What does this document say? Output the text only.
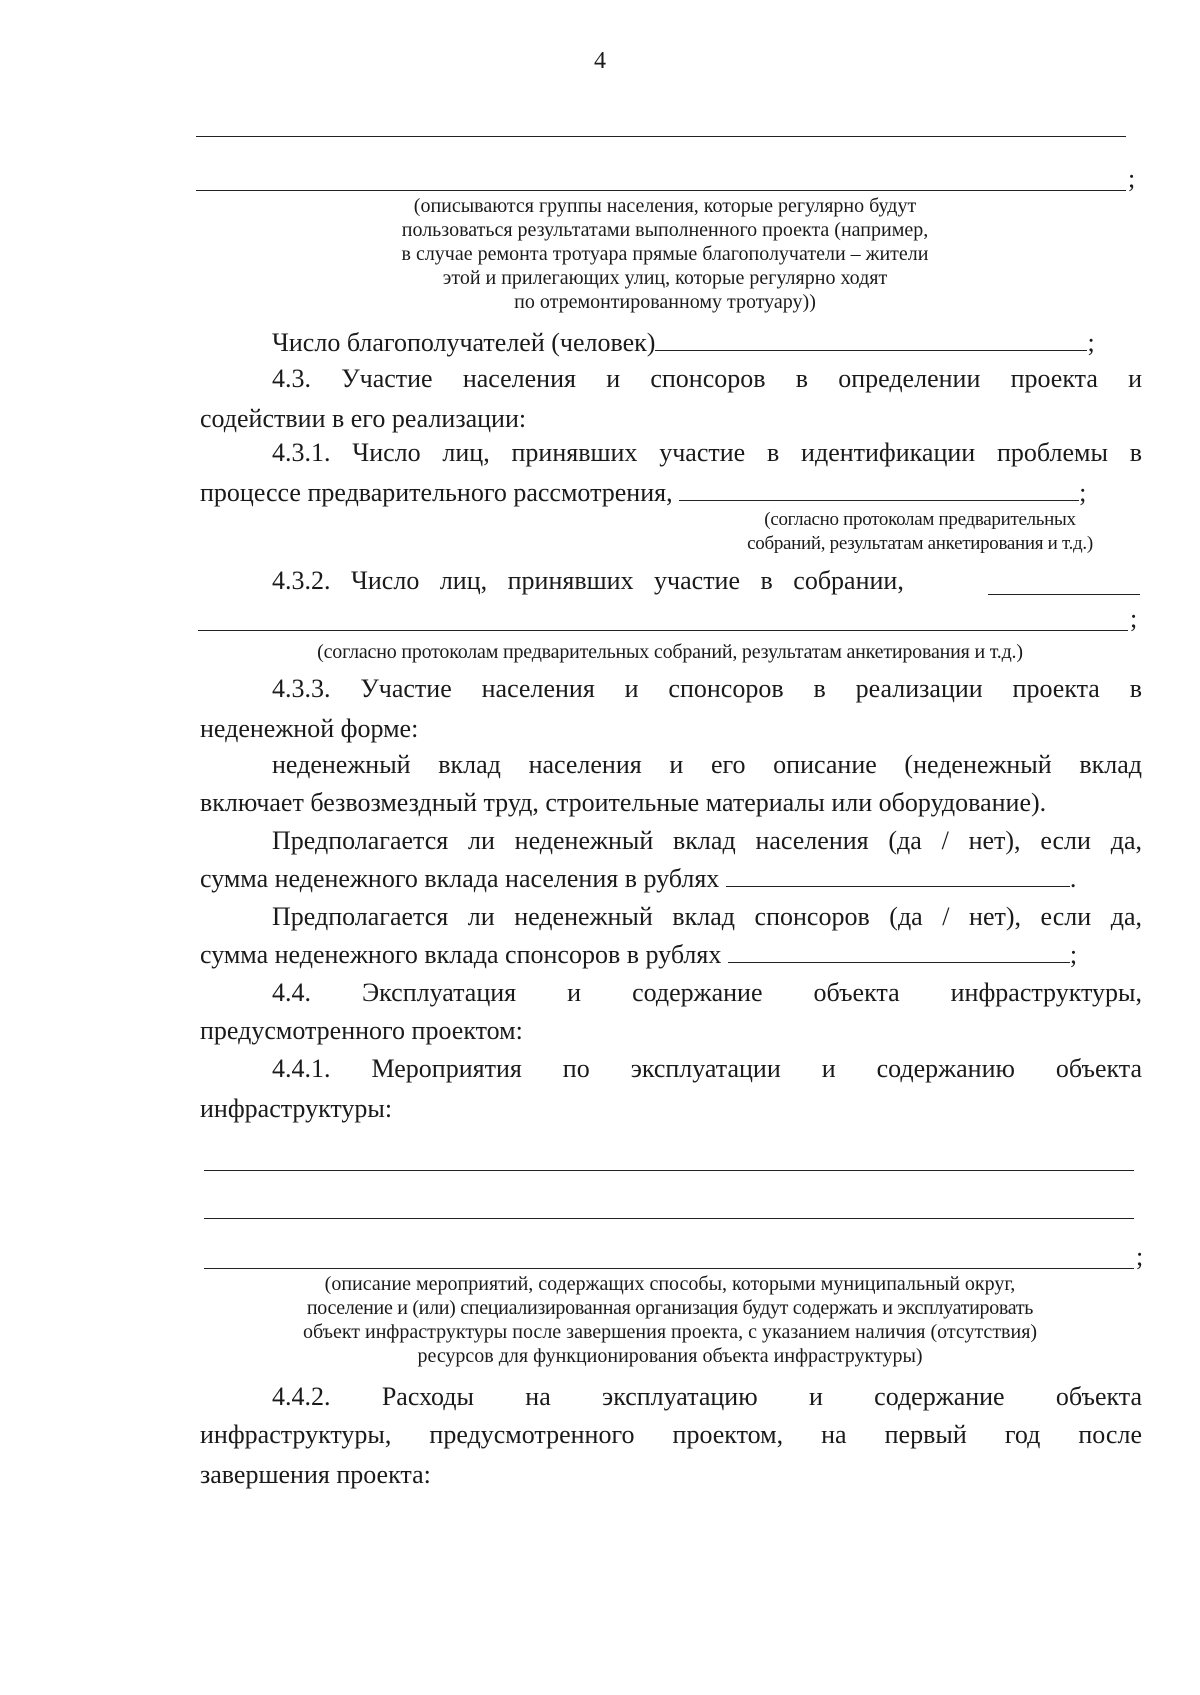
4
;
(описываются группы населения, которые регулярно будут
пользоваться результатами выполненного проекта (например,
в случае ремонта тротуара прямые благополучатели – жители
этой и прилегающих улиц, которые регулярно ходят
по отремонтированному тротуару))
Число благополучателей (человек)	;
4.3. Участие населения и спонсоров в определении проекта и
содействии в его реализации:
4.3.1. Число лиц, принявших участие в идентификации проблемы в
процессе предварительного рассмотрения,	;
(согласно протоколам предварительных
собраний, результатам анкетирования и т.д.)
4.3.2. Число лиц, принявших участие в собрании,
;
(согласно протоколам предварительных собраний, результатам анкетирования и т.д.)
4.3.3. Участие населения и спонсоров в реализации проекта в
неденежной форме:
неденежный вклад населения и его описание (неденежный вклад
включает безвозмездный труд, строительные материалы или оборудование).
Предполагается ли неденежный вклад населения (да / нет), если да,
сумма неденежного вклада населения в рублях	.
Предполагается ли неденежный вклад спонсоров (да / нет), если да,
сумма неденежного вклада спонсоров в рублях	;
4.4. Эксплуатация и содержание объекта инфраструктуры,
предусмотренного проектом:
4.4.1. Мероприятия по эксплуатации и содержанию объекта
инфраструктуры:
;
(описание мероприятий, содержащих способы, которыми муниципальный округ,
поселение и (или) специализированная организация будут содержать и эксплуатировать
объект инфраструктуры после завершения проекта, с указанием наличия (отсутствия)
ресурсов для функционирования объекта инфраструктуры)
4.4.2. Расходы на эксплуатацию и содержание объекта
инфраструктуры, предусмотренного проектом, на первый год после
завершения проекта:
